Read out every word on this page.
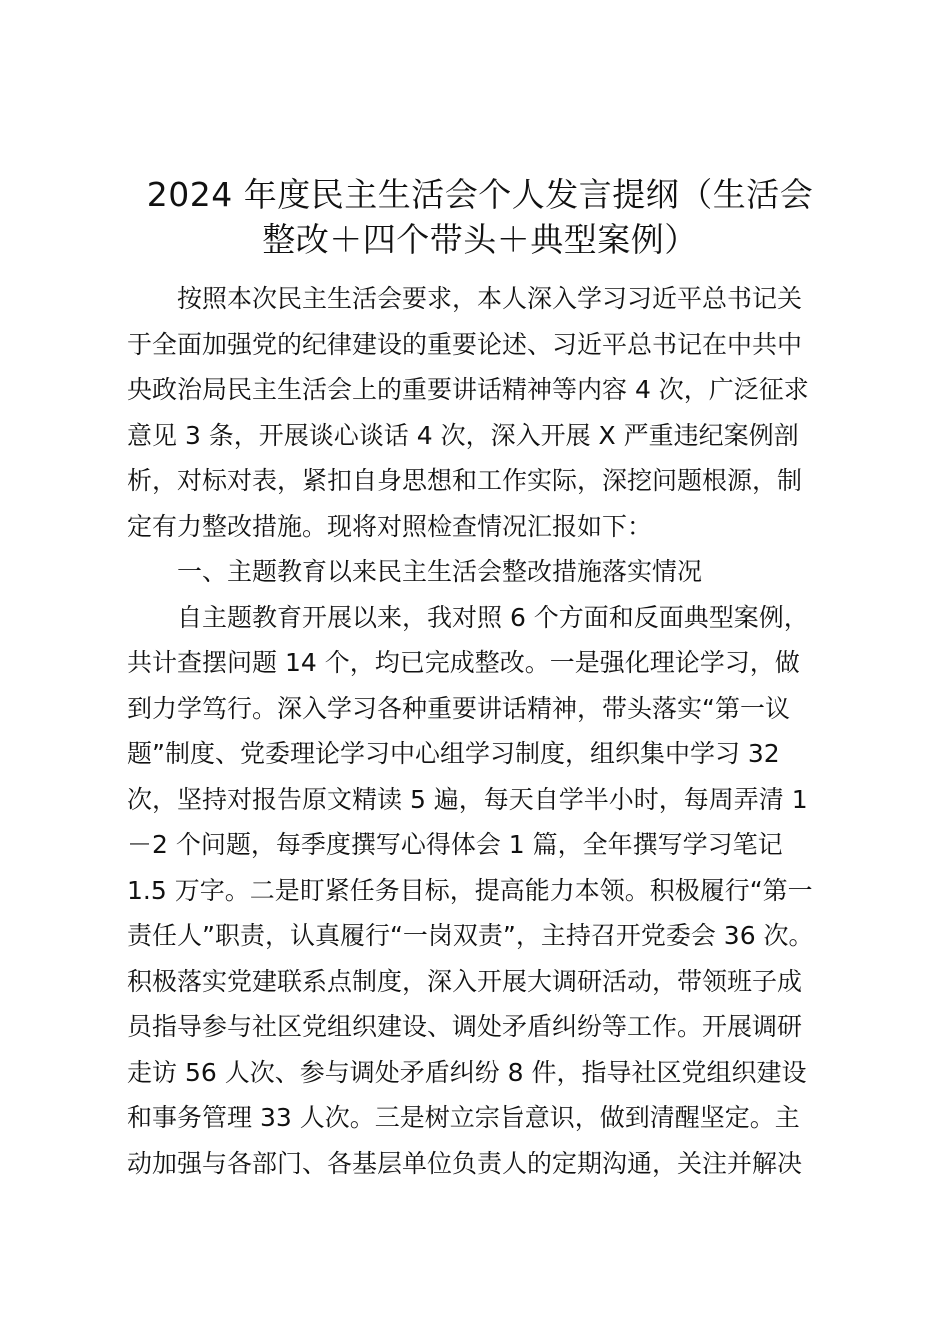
2024 年度民主生活会个人发言提纲（生活会
整改＋四个带头＋典型案例）

按照本次民主生活会要求，本人深入学习习近平总书记关
于全面加强党的纪律建设的重要论述、习近平总书记在中共中
央政治局民主生活会上的重要讲话精神等内容 4 次，广泛征求
意见 3 条，开展谈心谈话 4 次，深入开展 X 严重违纪案例剖
析，对标对表，紧扣自身思想和工作实际，深挖问题根源，制
定有力整改措施。现将对照检查情况汇报如下：

一、主题教育以来民主生活会整改措施落实情况

自主题教育开展以来，我对照 6 个方面和反面典型案例，
共计查摆问题 14 个，均已完成整改。一是强化理论学习，做
到力学笃行。深入学习各种重要讲话精神，带头落实“第一议
题”制度、党委理论学习中心组学习制度，组织集中学习 32
次，坚持对报告原文精读 5 遍，每天自学半小时，每周弄清 1
－2 个问题，每季度撰写心得体会 1 篇，全年撰写学习笔记
1.5 万字。二是盯紧任务目标，提高能力本领。积极履行“第一
责任人”职责，认真履行“一岗双责”，主持召开党委会 36 次。
积极落实党建联系点制度，深入开展大调研活动，带领班子成
员指导参与社区党组织建设、调处矛盾纠纷等工作。开展调研
走访 56 人次、参与调处矛盾纠纷 8 件，指导社区党组织建设
和事务管理 33 人次。三是树立宗旨意识，做到清醒坚定。主
动加强与各部门、各基层单位负责人的定期沟通，关注并解决
